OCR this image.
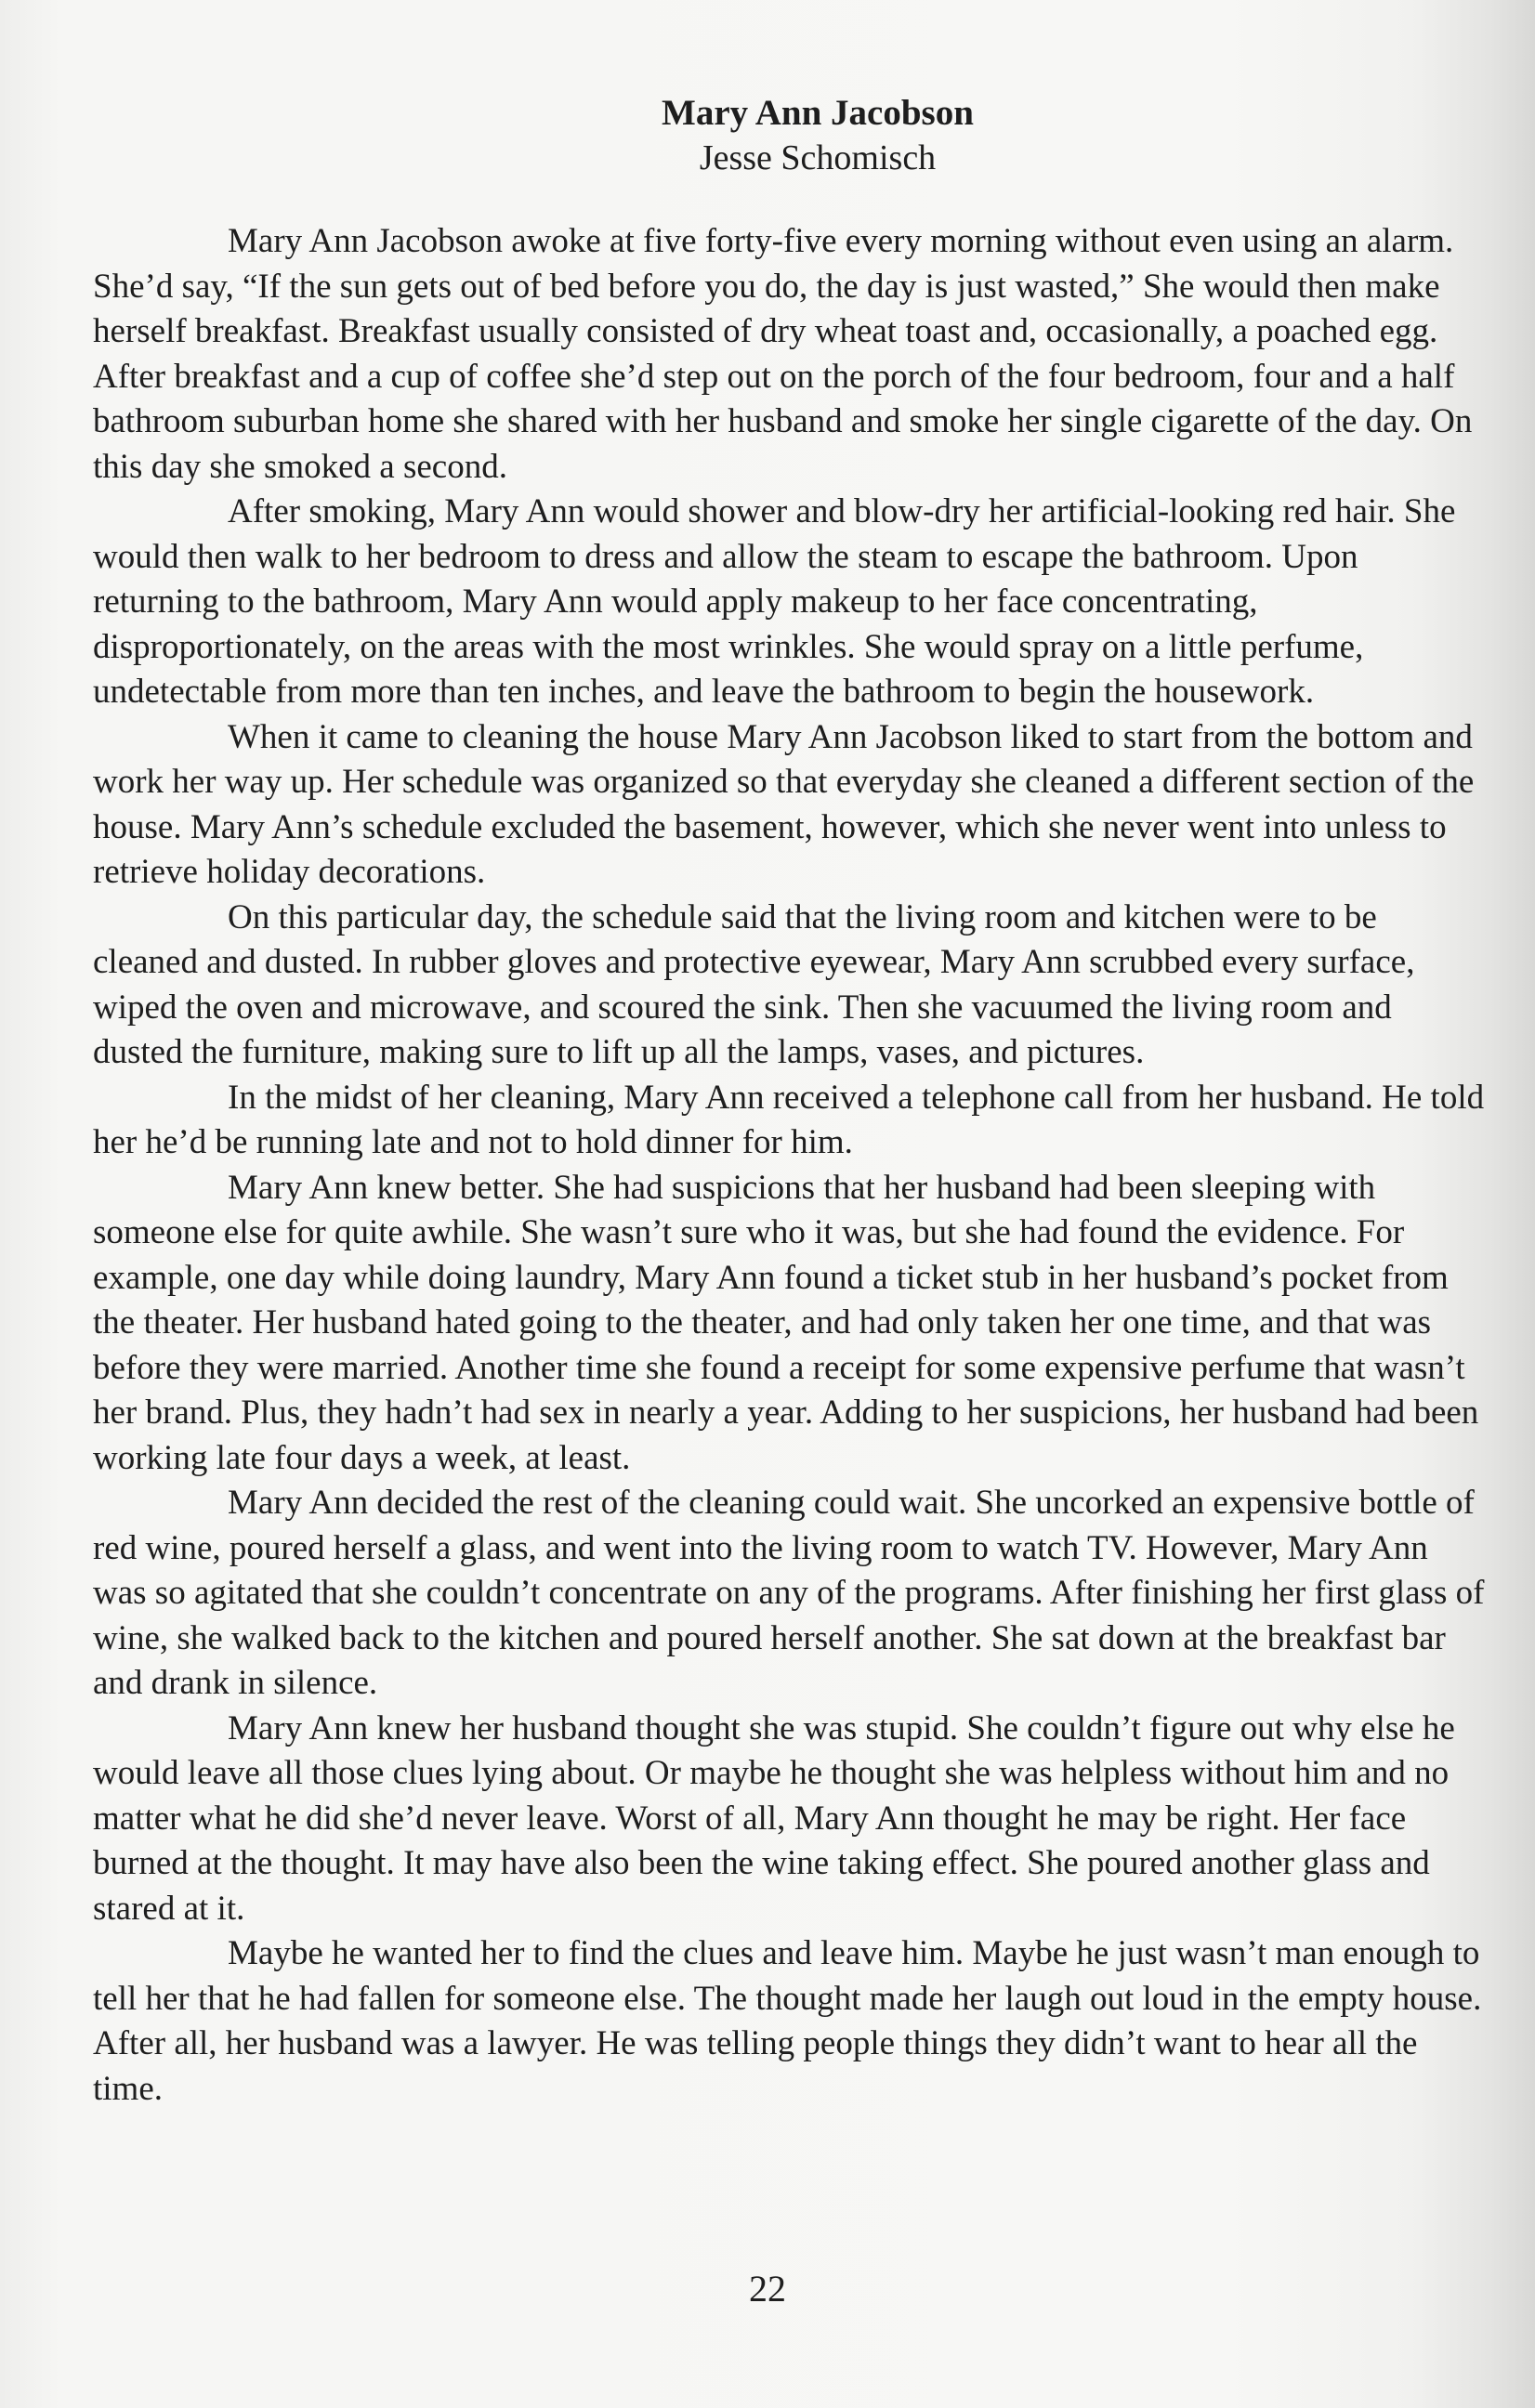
Mary Ann Jacobson
Jesse Schomisch

Mary Ann Jacobson awoke at five forty-five every morning without even using an alarm. She’d say, “If the sun gets out of bed before you do, the day is just wasted,” She would then make herself breakfast. Breakfast usually consisted of dry wheat toast and, occasionally, a poached egg. After breakfast and a cup of coffee she’d step out on the porch of the four bedroom, four and a half bathroom suburban home she shared with her husband and smoke her single cigarette of the day. On this day she smoked a second.

After smoking, Mary Ann would shower and blow-dry her artificial-looking red hair. She would then walk to her bedroom to dress and allow the steam to escape the bathroom. Upon returning to the bathroom, Mary Ann would apply makeup to her face concentrating, disproportionately, on the areas with the most wrinkles. She would spray on a little perfume, undetectable from more than ten inches, and leave the bathroom to begin the housework.

When it came to cleaning the house Mary Ann Jacobson liked to start from the bottom and work her way up. Her schedule was organized so that everyday she cleaned a different section of the house. Mary Ann’s schedule excluded the basement, however, which she never went into unless to retrieve holiday decorations.

On this particular day, the schedule said that the living room and kitchen were to be cleaned and dusted. In rubber gloves and protective eyewear, Mary Ann scrubbed every surface, wiped the oven and microwave, and scoured the sink. Then she vacuumed the living room and dusted the furniture, making sure to lift up all the lamps, vases, and pictures.

In the midst of her cleaning, Mary Ann received a telephone call from her husband. He told her he’d be running late and not to hold dinner for him.

Mary Ann knew better. She had suspicions that her husband had been sleeping with someone else for quite awhile. She wasn’t sure who it was, but she had found the evidence. For example, one day while doing laundry, Mary Ann found a ticket stub in her husband’s pocket from the theater. Her husband hated going to the theater, and had only taken her one time, and that was before they were married. Another time she found a receipt for some expensive perfume that wasn’t her brand. Plus, they hadn’t had sex in nearly a year. Adding to her suspicions, her husband had been working late four days a week, at least.

Mary Ann decided the rest of the cleaning could wait. She uncorked an expensive bottle of red wine, poured herself a glass, and went into the living room to watch TV. However, Mary Ann was so agitated that she couldn’t concentrate on any of the programs. After finishing her first glass of wine, she walked back to the kitchen and poured herself another. She sat down at the breakfast bar and drank in silence.

Mary Ann knew her husband thought she was stupid. She couldn’t figure out why else he would leave all those clues lying about. Or maybe he thought she was helpless without him and no matter what he did she’d never leave. Worst of all, Mary Ann thought he may be right. Her face burned at the thought. It may have also been the wine taking effect. She poured another glass and stared at it.

Maybe he wanted her to find the clues and leave him. Maybe he just wasn’t man enough to tell her that he had fallen for someone else. The thought made her laugh out loud in the empty house. After all, her husband was a lawyer. He was telling people things they didn’t want to hear all the time.

22
